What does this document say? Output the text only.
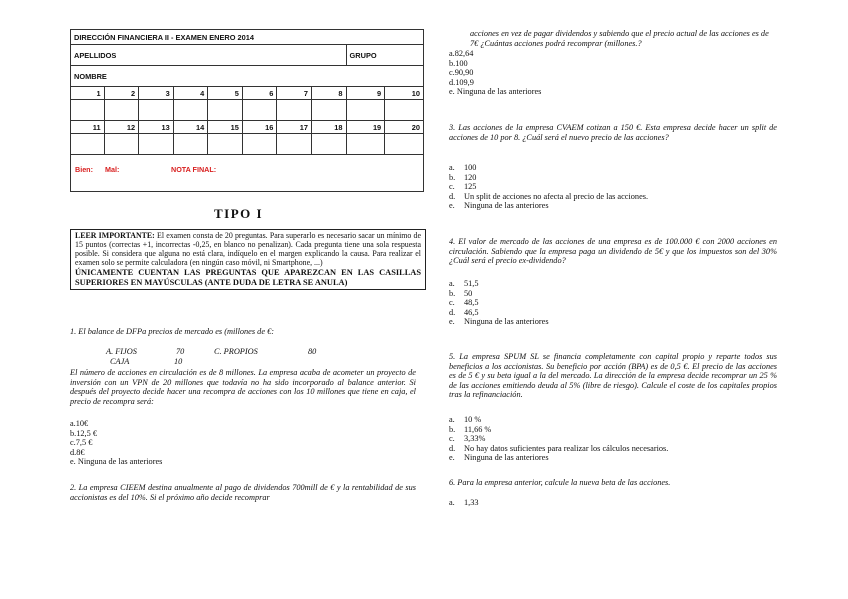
DIRECCIÓN FINANCIERA II - EXAMEN ENERO 2014									
APELLIDOS								GRUPO	
NOMBRE									
1	2	3	4	5	6	7	8	9	10

11	12	13	14	15	16	17	18	19	20

Bien: Mal: NOTA FINAL:									
TIPO I
LEER IMPORTANTE: El examen consta de 20 preguntas. Para superarlo es necesario sacar un mínimo de 15 puntos (correctas +1, incorrectas -0,25, en blanco no penalizan). Cada pregunta tiene una sola respuesta posible. Si considera que alguna no está clara, indíquelo en el margen explicando la causa. Para realizar el examen solo se permite calculadora (en ningún caso móvil, ni Smartphone, ...)
ÚNICAMENTE CUENTAN LAS PREGUNTAS QUE APAREZCAN EN LAS CASILLAS SUPERIORES EN MAYÚSCULAS (ANTE DUDA DE LETRA SE ANULA)
1. El balance de DFPa precios de mercado es (millones de €:
A. FIJOS	70	C. PROPIOS	80
CAJA	10
El número de acciones en circulación es de 8 millones. La empresa acaba de acometer un proyecto de inversión con un VPN de 20 millones que todavía no ha sido incorporado al balance anterior. Si después del proyecto decide hacer una recompra de acciones con los 10 millones que tiene en caja, el precio de recompra será:
a.10€
b.12,5 €
c.7,5 €
d.8€
e. Ninguna de las anteriores
2. La empresa CIEEM destina anualmente al pago de dividendos 700mill de € y la rentabilidad de sus accionistas es del 10%. Si el próximo año decide recomprar
acciones en vez de pagar dividendos y sabiendo que el precio actual de las acciones es de 7€ ¿Cuántas acciones podrá recomprar (millones.?
a.82,64
b.100
c.90,90
d.109,9
e. Ninguna de las anteriores
3. Las acciones de la empresa CVAEM cotizan a 150 €. Esta empresa decide hacer un split de acciones de 10 por 8. ¿Cuál será el nuevo precio de las acciones?
a.	100
b.	120
c.	125
d.	Un split de acciones no afecta al precio de las acciones.
e.	Ninguna de las anteriores
4. El valor de mercado de las acciones de una empresa es de 100.000 € con 2000 acciones en circulación. Sabiendo que la empresa paga un dividendo de 5€ y que los impuestos son del 30% ¿Cuál será el precio ex-dividendo?
a.	51,5
b.	50
c.	48,5
d.	46,5
e.	Ninguna de las anteriores
5. La empresa SPUM SL se financia completamente con capital propio y reparte todos sus beneficios a los accionistas. Su beneficio por acción (BPA) es de 0,5 €. El precio de las acciones es de 5 € y su beta igual a la del mercado. La dirección de la empresa decide recomprar un 25 % de las acciones emitiendo deuda al 5% (libre de riesgo). Calcule el coste de los capitales propios tras la refinanciación.
a.	10 %
b.	11,66 %
c.	3,33%
d.	No hay datos suficientes para realizar los cálculos necesarios.
e.	Ninguna de las anteriores
6. Para la empresa anterior, calcule la nueva beta de las acciones.
a.	1,33
